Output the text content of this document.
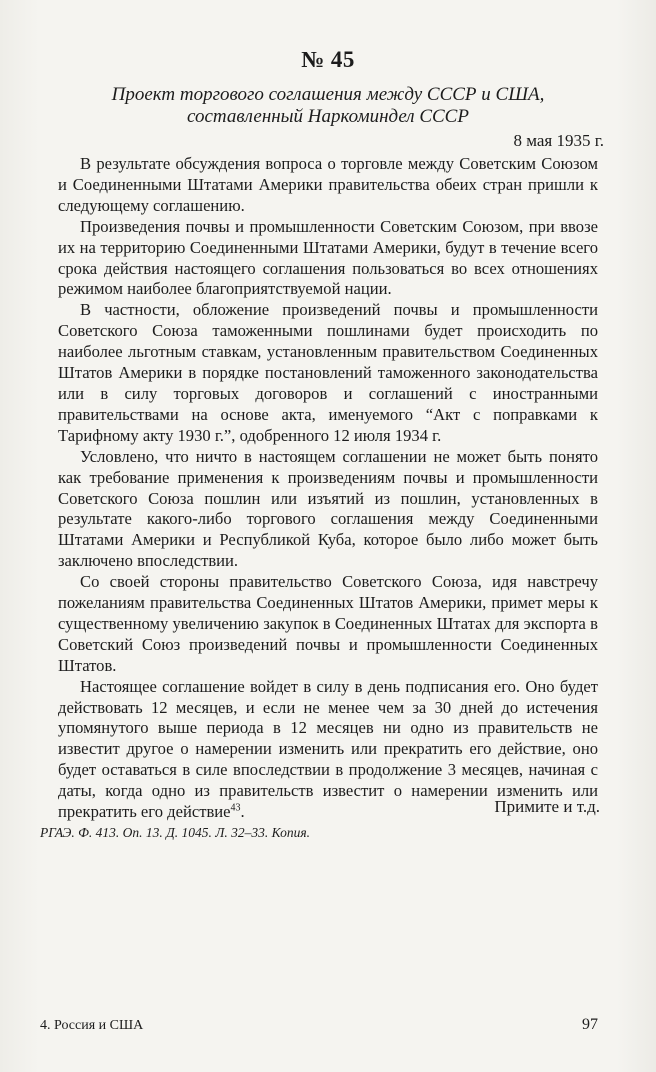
№ 45
Проект торгового соглашения между СССР и США,
составленный Наркоминдел СССР
8 мая 1935 г.

В результате обсуждения вопроса о торговле между Советским Союзом и Соединенными Штатами Америки правительства обеих стран пришли к следующему соглашению.

Произведения почвы и промышленности Советским Союзом, при ввозе их на территорию Соединенными Штатами Америки, будут в течение всего срока действия настоящего соглашения пользоваться во всех отношениях режимом наиболее благоприятствуемой нации.

В частности, обложение произведений почвы и промышленности Советского Союза таможенными пошлинами будет происходить по наиболее льготным ставкам, установленным правительством Соединенных Штатов Америки в порядке постановлений таможенного законодательства или в силу торговых договоров и соглашений с иностранными правительствами на основе акта, именуемого “Акт с поправками к Тарифному акту 1930 г.”, одобренного 12 июля 1934 г.

Условлено, что ничто в настоящем соглашении не может быть понято как требование применения к произведениям почвы и промышленности Советского Союза пошлин или изъятий из пошлин, установленных в результате какого-либо торгового соглашения между Соединенными Штатами Америки и Республикой Куба, которое было либо может быть заключено впоследствии.

Со своей стороны правительство Советского Союза, идя навстречу пожеланиям правительства Соединенных Штатов Америки, примет меры к существенному увеличению закупок в Соединенных Штатах для экспорта в Советский Союз произведений почвы и промышленности Соединенных Штатов.

Настоящее соглашение войдет в силу в день подписания его. Оно будет действовать 12 месяцев, и если не менее чем за 30 дней до истечения упомянутого выше периода в 12 месяцев ни одно из правительств не известит другое о намерении изменить или прекратить его действие, оно будет оставаться в силе впоследствии в продолжение 3 месяцев, начиная с даты, когда одно из правительств известит о намерении изменить или прекратить его действие$^{43}$.	Примите и т.д.
РГАЭ. Ф. 413. Оп. 13. Д. 1045. Л. 32–33. Копия.
4. Россия и США	97
